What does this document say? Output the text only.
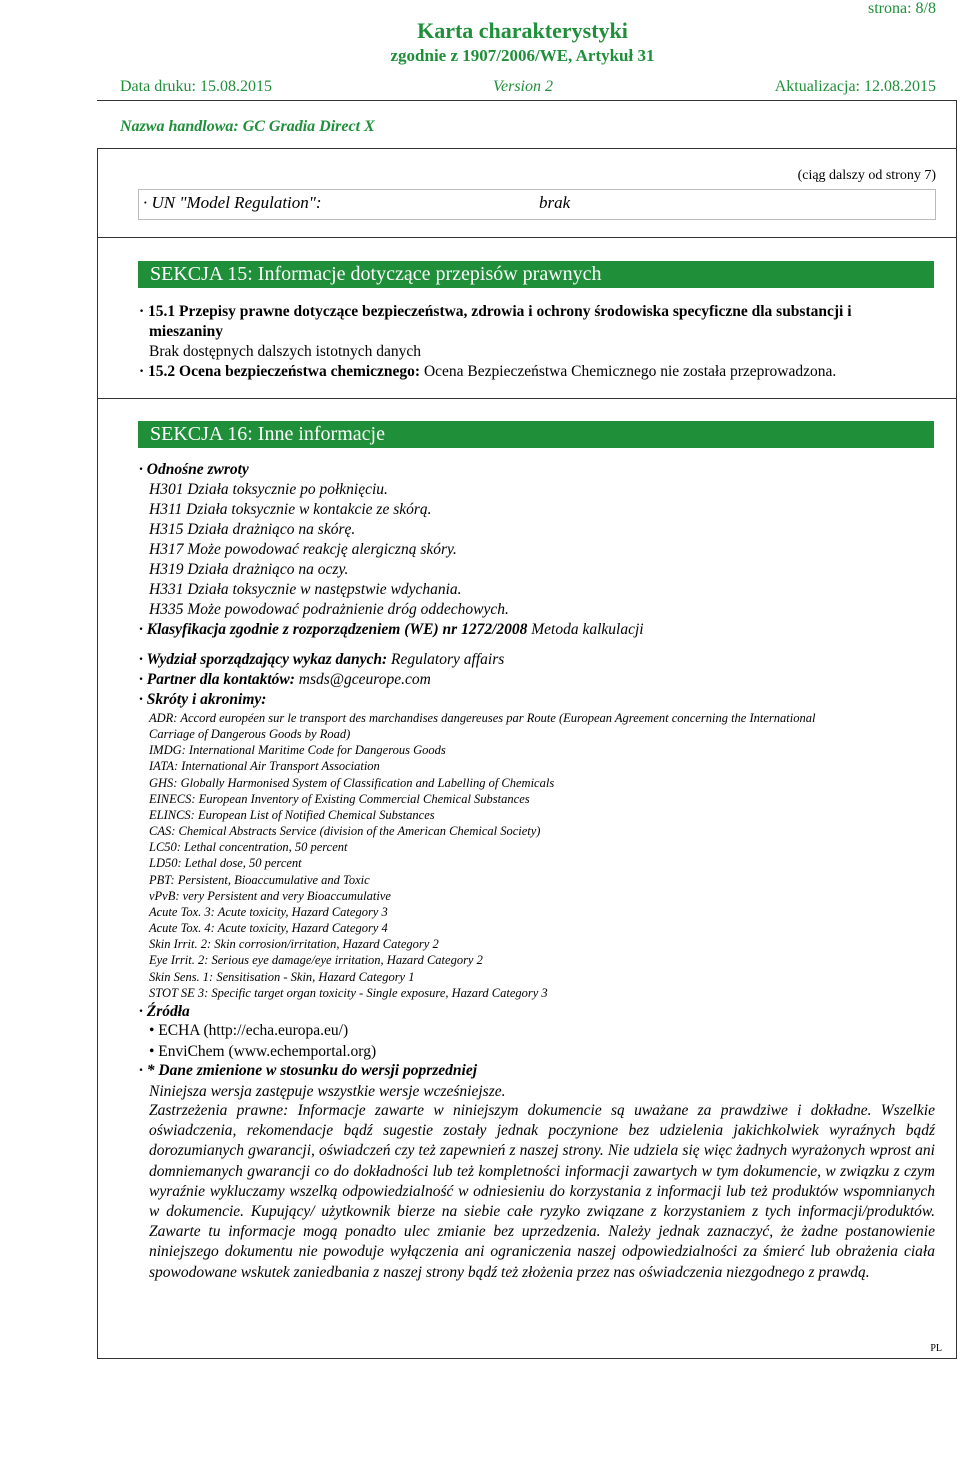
strona: 8/8
Karta charakterystyki
zgodnie z 1907/2006/WE, Artykuł 31
Data druku: 15.08.2015	Version 2	Aktualizacja: 12.08.2015
Nazwa handlowa: GC Gradia Direct X
(ciąg dalszy od strony 7)
· UN "Model Regulation":	brak
SEKCJA 15: Informacje dotyczące przepisów prawnych
· 15.1 Przepisy prawne dotyczące bezpieczeństwa, zdrowia i ochrony środowiska specyficzne dla substancji i
mieszaniny
Brak dostępnych dalszych istotnych danych
· 15.2 Ocena bezpieczeństwa chemicznego: Ocena Bezpieczeństwa Chemicznego nie została przeprowadzona.
SEKCJA 16: Inne informacje
· Odnośne zwroty
H301 Działa toksycznie po połknięciu.
H311 Działa toksycznie w kontakcie ze skórą.
H315 Działa drażniąco na skórę.
H317 Może powodować reakcję alergiczną skóry.
H319 Działa drażniąco na oczy.
H331 Działa toksycznie w następstwie wdychania.
H335 Może powodować podrażnienie dróg oddechowych.
· Klasyfikacja zgodnie z rozporządzeniem (WE) nr 1272/2008 Metoda kalkulacji
· Wydział sporządzający wykaz danych: Regulatory affairs
· Partner dla kontaktów: msds@gceurope.com
· Skróty i akronimy:
ADR: Accord européen sur le transport des marchandises dangereuses par Route (European Agreement concerning the International
Carriage of Dangerous Goods by Road)
IMDG: International Maritime Code for Dangerous Goods
IATA: International Air Transport Association
GHS: Globally Harmonised System of Classification and Labelling of Chemicals
EINECS: European Inventory of Existing Commercial Chemical Substances
ELINCS: European List of Notified Chemical Substances
CAS: Chemical Abstracts Service (division of the American Chemical Society)
LC50: Lethal concentration, 50 percent
LD50: Lethal dose, 50 percent
PBT: Persistent, Bioaccumulative and Toxic
vPvB: very Persistent and very Bioaccumulative
Acute Tox. 3: Acute toxicity, Hazard Category 3
Acute Tox. 4: Acute toxicity, Hazard Category 4
Skin Irrit. 2: Skin corrosion/irritation, Hazard Category 2
Eye Irrit. 2: Serious eye damage/eye irritation, Hazard Category 2
Skin Sens. 1: Sensitisation - Skin, Hazard Category 1
STOT SE 3: Specific target organ toxicity - Single exposure, Hazard Category 3
· Źródła
• ECHA (http://echa.europa.eu/)
• EnviChem (www.echemportal.org)
· * Dane zmienione w stosunku do wersji poprzedniej
Niniejsza wersja zastępuje wszystkie wersje wcześniejsze.
Zastrzeżenia prawne: Informacje zawarte w niniejszym dokumencie są uważane za prawdziwe i dokładne. Wszelkie oświadczenia, rekomendacje bądź sugestie zostały jednak poczynione bez udzielenia jakichkolwiek wyraźnych bądź dorozumianych gwarancji, oświadczeń czy też zapewnień z naszej strony. Nie udziela się więc żadnych wyrażonych wprost ani domniemanych gwarancji co do dokładności lub też kompletności informacji zawartych w tym dokumencie, w związku z czym wyraźnie wykluczamy wszelką odpowiedzialność w odniesieniu do korzystania z informacji lub też produktów wspomnianych w dokumencie. Kupujący/ użytkownik bierze na siebie całe ryzyko związane z korzystaniem z tych informacji/produktów. Zawarte tu informacje mogą ponadto ulec zmianie bez uprzedzenia. Należy jednak zaznaczyć, że żadne postanowienie niniejszego dokumentu nie powoduje wyłączenia ani ograniczenia naszej odpowiedzialności za śmierć lub obrażenia ciała spowodowane wskutek zaniedbania z naszej strony bądź też złożenia przez nas oświadczenia niezgodnego z prawdą.
PL
